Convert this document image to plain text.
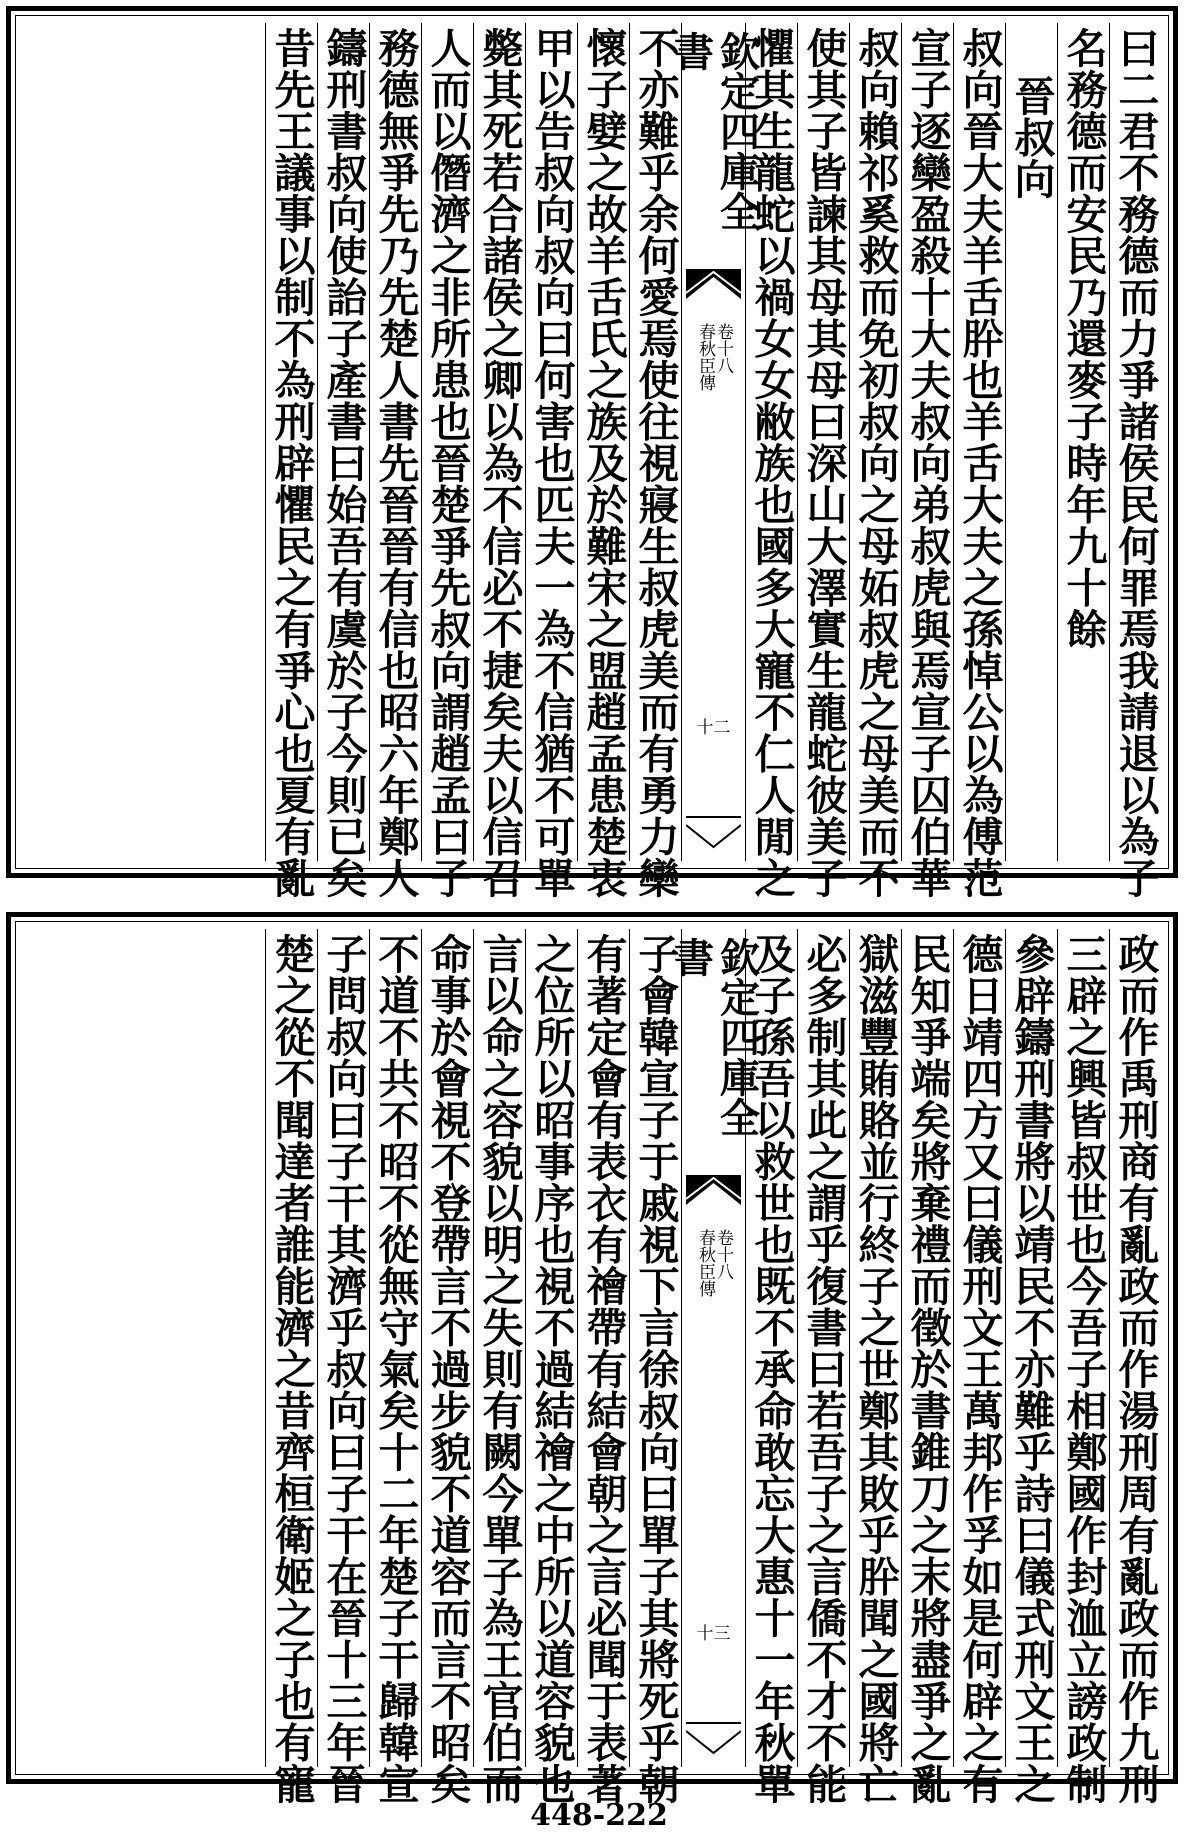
曰二君不務德而力爭諸侯民何罪焉我請退以為子
名務德而安民乃還麥子時年九十餘
晉叔向
叔向晉大夫羊舌肸也羊舌大夫之孫悼公以為傅范
宣子逐欒盈殺十大夫叔向弟叔虎與焉宣子囚伯華
叔向賴祁奚救而免初叔向之母妬叔虎之母美而不
使其子皆諫其母其母曰深山大澤實生龍蛇彼美子
懼其生龍蛇以禍女女敝族也國多大寵不仁人閒之
欽定四庫全書
春秋臣傳
卷十八
十二
不亦難乎余何愛焉使往視寢生叔虎美而有勇力欒
懷子嬖之故羊舌氏之族及於難宋之盟趙孟患楚衷
甲以告叔向叔向曰何害也匹夫一為不信猶不可單
斃其死若合諸侯之卿以為不信必不捷矣夫以信召
人而以僭濟之非所患也晉楚爭先叔向謂趙孟曰子
務德無爭先乃先楚人書先晉晉有信也昭六年鄭人
鑄刑書叔向使詒子產書曰始吾有虞於子今則已矣
昔先王議事以制不為刑辟懼民之有爭心也夏有亂
政而作禹刑商有亂政而作湯刑周有亂政而作九刑
三辟之興皆叔世也今吾子相鄭國作封洫立謗政制
參辟鑄刑書將以靖民不亦難乎詩曰儀式刑文王之
德日靖四方又曰儀刑文王萬邦作孚如是何辟之有
民知爭端矣將棄禮而徵於書錐刀之末將盡爭之亂
獄滋豐賄賂並行終子之世鄭其敗乎肸聞之國將亡
必多制其此之謂乎復書曰若吾子之言僑不才不能
及子孫吾以救世也既不承命敢忘大惠十一年秋單
欽定四庫全書
春秋臣傳
卷十八
十三
子會韓宣子于戚視下言徐叔向曰單子其將死乎朝
有著定會有表衣有禬帶有結會朝之言必聞于表著
之位所以昭事序也視不過結禬之中所以道容貌也
言以命之容貌以明之失則有闕今單子為王官伯而
命事於會視不登帶言不過步貌不道容而言不昭矣
不道不共不昭不從無守氣矣十二年楚子干歸韓宣
子問叔向曰子干其濟乎叔向曰子干在晉十三年晉
楚之從不聞達者誰能濟之昔齊桓衛姬之子也有寵
448-222
